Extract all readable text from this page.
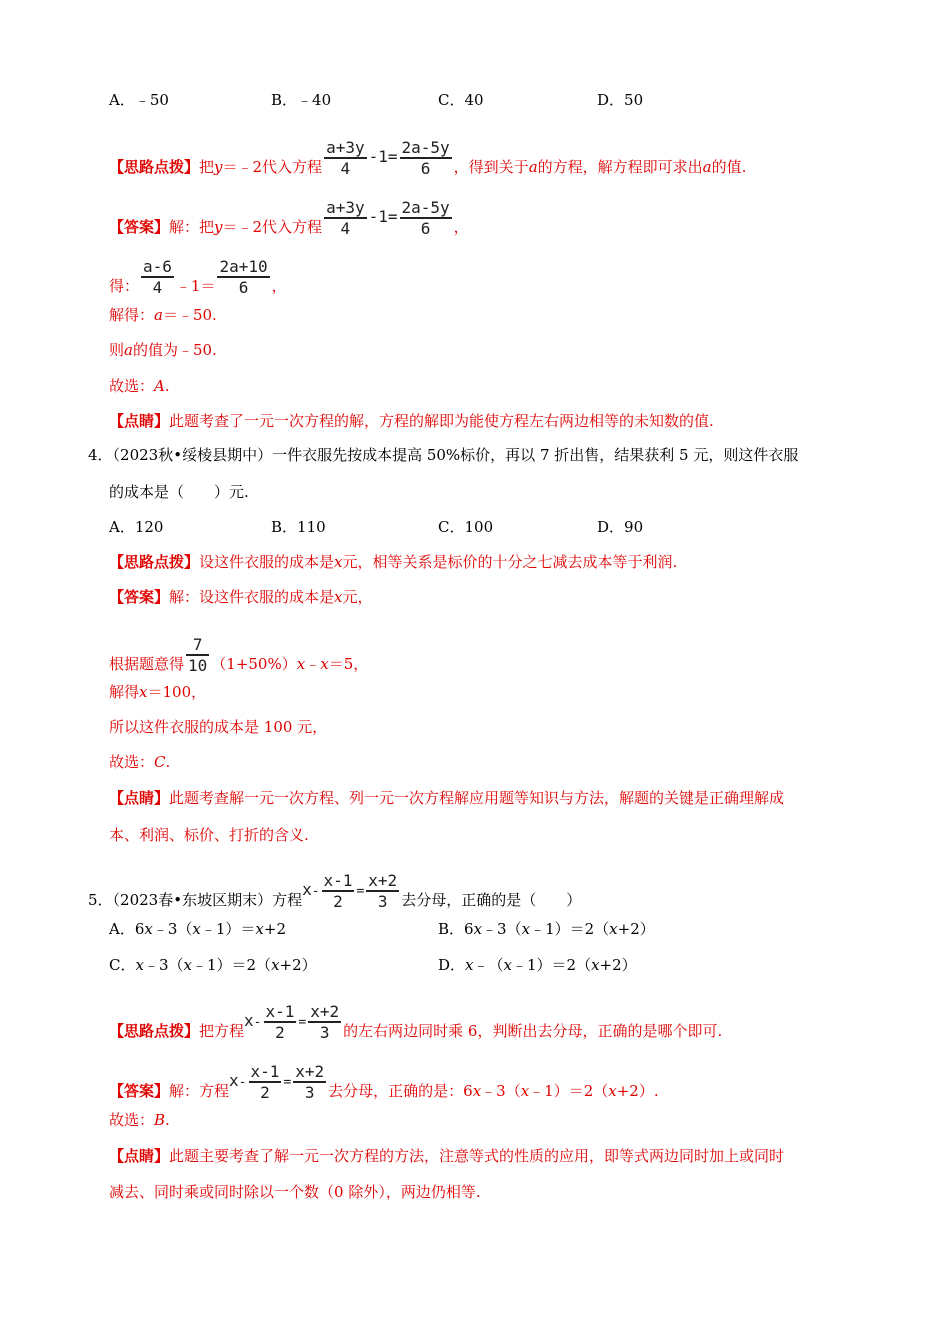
A．﹣50	B．﹣40	C．40	D．50
【思路点拨】把y＝﹣2代入方程 $\frac{a+3y}{4} -1= \frac{2a-5y}{6}$ ，得到关于a的方程，解方程即可求出a的值.
【答案】解：把y＝﹣2代入方程 $\frac{a+3y}{4} -1= \frac{2a-5y}{6}$ ，
得： $\frac{a-6}{4}$ ﹣1＝ $\frac{2a+10}{6}$ ，
解得：a＝﹣50.
则a的值为﹣50.
故选：A.
【点睛】此题考查了一元一次方程的解，方程的解即为能使方程左右两边相等的未知数的值.
4．（2023秋•绥棱县期中）一件衣服先按成本提高 50%标价，再以 7 折出售，结果获利 5 元，则这件衣服
的成本是（　　）元.
A．120	B．110	C．100	D．90
【思路点拨】设这件衣服的成本是x元，相等关系是标价的十分之七减去成本等于利润.
【答案】解：设这件衣服的成本是x元，
根据题意得 $\frac{7}{10}$ （1+50%）x﹣x＝5，
解得x＝100，
所以这件衣服的成本是 100 元，
故选：C.
【点睛】此题考查解一元一次方程、列一元一次方程解应用题等知识与方法，解题的关键是正确理解成
本、利润、标价、打折的含义.
5．（2023春•东坡区期末）方程$x- \frac{x-1}{2} = \frac{x+2}{3}$ 去分母，正确的是（　　）
A．6x﹣3（x﹣1）＝x+2	B．6x﹣3（x﹣1）＝2（x+2）
C．x﹣3（x﹣1）＝2（x+2）	D．x﹣（x﹣1）＝2（x+2）
【思路点拨】把方程$x- \frac{x-1}{2} = \frac{x+2}{3}$ 的左右两边同时乘 6，判断出去分母，正确的是哪个即可.
【答案】解：方程$x- \frac{x-1}{2} = \frac{x+2}{3}$ 去分母，正确的是：6x﹣3（x﹣1）＝2（x+2）.
故选：B.
【点睛】此题主要考查了解一元一次方程的方法，注意等式的性质的应用，即等式两边同时加上或同时
减去、同时乘或同时除以一个数（0 除外），两边仍相等.
